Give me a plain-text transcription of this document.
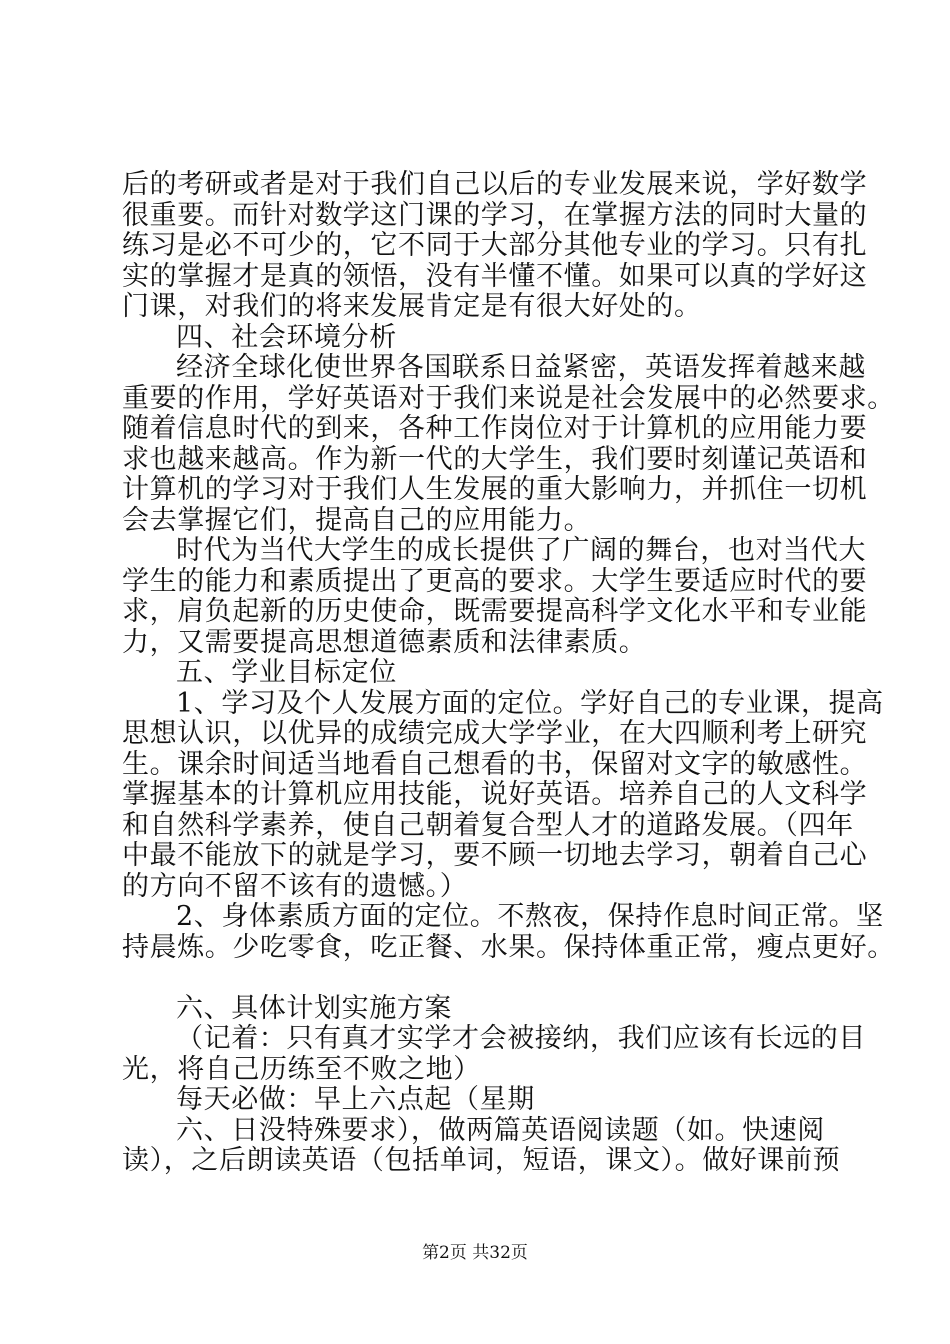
后的考研或者是对于我们自己以后的专业发展来说，学好数学
很重要。而针对数学这门课的学习，在掌握方法的同时大量的
练习是必不可少的，它不同于大部分其他专业的学习。只有扎
实的掌握才是真的领悟，没有半懂不懂。如果可以真的学好这
门课，对我们的将来发展肯定是有很大好处的。
四、社会环境分析
经济全球化使世界各国联系日益紧密，英语发挥着越来越
重要的作用，学好英语对于我们来说是社会发展中的必然要求。
随着信息时代的到来，各种工作岗位对于计算机的应用能力要
求也越来越高。作为新一代的大学生，我们要时刻谨记英语和
计算机的学习对于我们人生发展的重大影响力，并抓住一切机
会去掌握它们，提高自己的应用能力。
时代为当代大学生的成长提供了广阔的舞台，也对当代大
学生的能力和素质提出了更高的要求。大学生要适应时代的要
求，肩负起新的历史使命，既需要提高科学文化水平和专业能
力，又需要提高思想道德素质和法律素质。
五、学业目标定位
1、学习及个人发展方面的定位。学好自己的专业课，提高
思想认识，以优异的成绩完成大学学业，在大四顺利考上研究
生。课余时间适当地看自己想看的书，保留对文字的敏感性。
掌握基本的计算机应用技能，说好英语。培养自己的人文科学
和自然科学素养，使自己朝着复合型人才的道路发展。（四年
中最不能放下的就是学习，要不顾一切地去学习，朝着自己心
的方向不留不该有的遗憾。）
2、身体素质方面的定位。不熬夜，保持作息时间正常。坚
持晨炼。少吃零食，吃正餐、水果。保持体重正常，瘦点更好。
六、具体计划实施方案
（记着：只有真才实学才会被接纳，我们应该有长远的目
光，将自己历练至不败之地）
每天必做：早上六点起（星期
六、日没特殊要求），做两篇英语阅读题（如。快速阅
读），之后朗读英语（包括单词，短语，课文）。做好课前预
第2页 共32页
